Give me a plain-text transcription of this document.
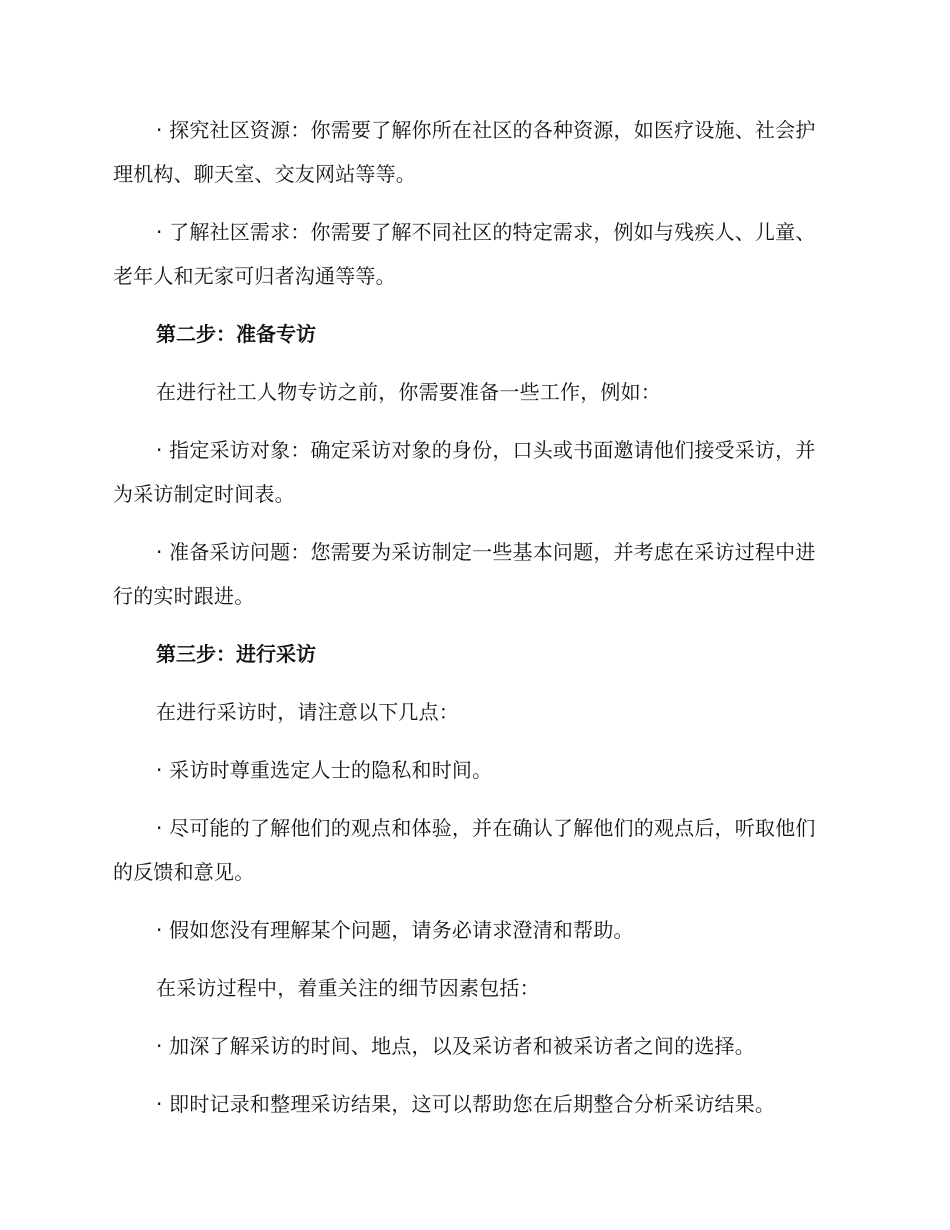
· 探究社区资源：你需要了解你所在社区的各种资源，如医疗设施、社会护理机构、聊天室、交友网站等等。

· 了解社区需求：你需要了解不同社区的特定需求，例如与残疾人、儿童、老年人和无家可归者沟通等等。

第二步：准备专访

在进行社工人物专访之前，你需要准备一些工作，例如：

· 指定采访对象：确定采访对象的身份，口头或书面邀请他们接受采访，并为采访制定时间表。

· 准备采访问题：您需要为采访制定一些基本问题，并考虑在采访过程中进行的实时跟进。

第三步：进行采访

在进行采访时，请注意以下几点：

· 采访时尊重选定人士的隐私和时间。

· 尽可能的了解他们的观点和体验，并在确认了解他们的观点后，听取他们的反馈和意见。

· 假如您没有理解某个问题，请务必请求澄清和帮助。

在采访过程中，着重关注的细节因素包括：

· 加深了解采访的时间、地点，以及采访者和被采访者之间的选择。

· 即时记录和整理采访结果，这可以帮助您在后期整合分析采访结果。
